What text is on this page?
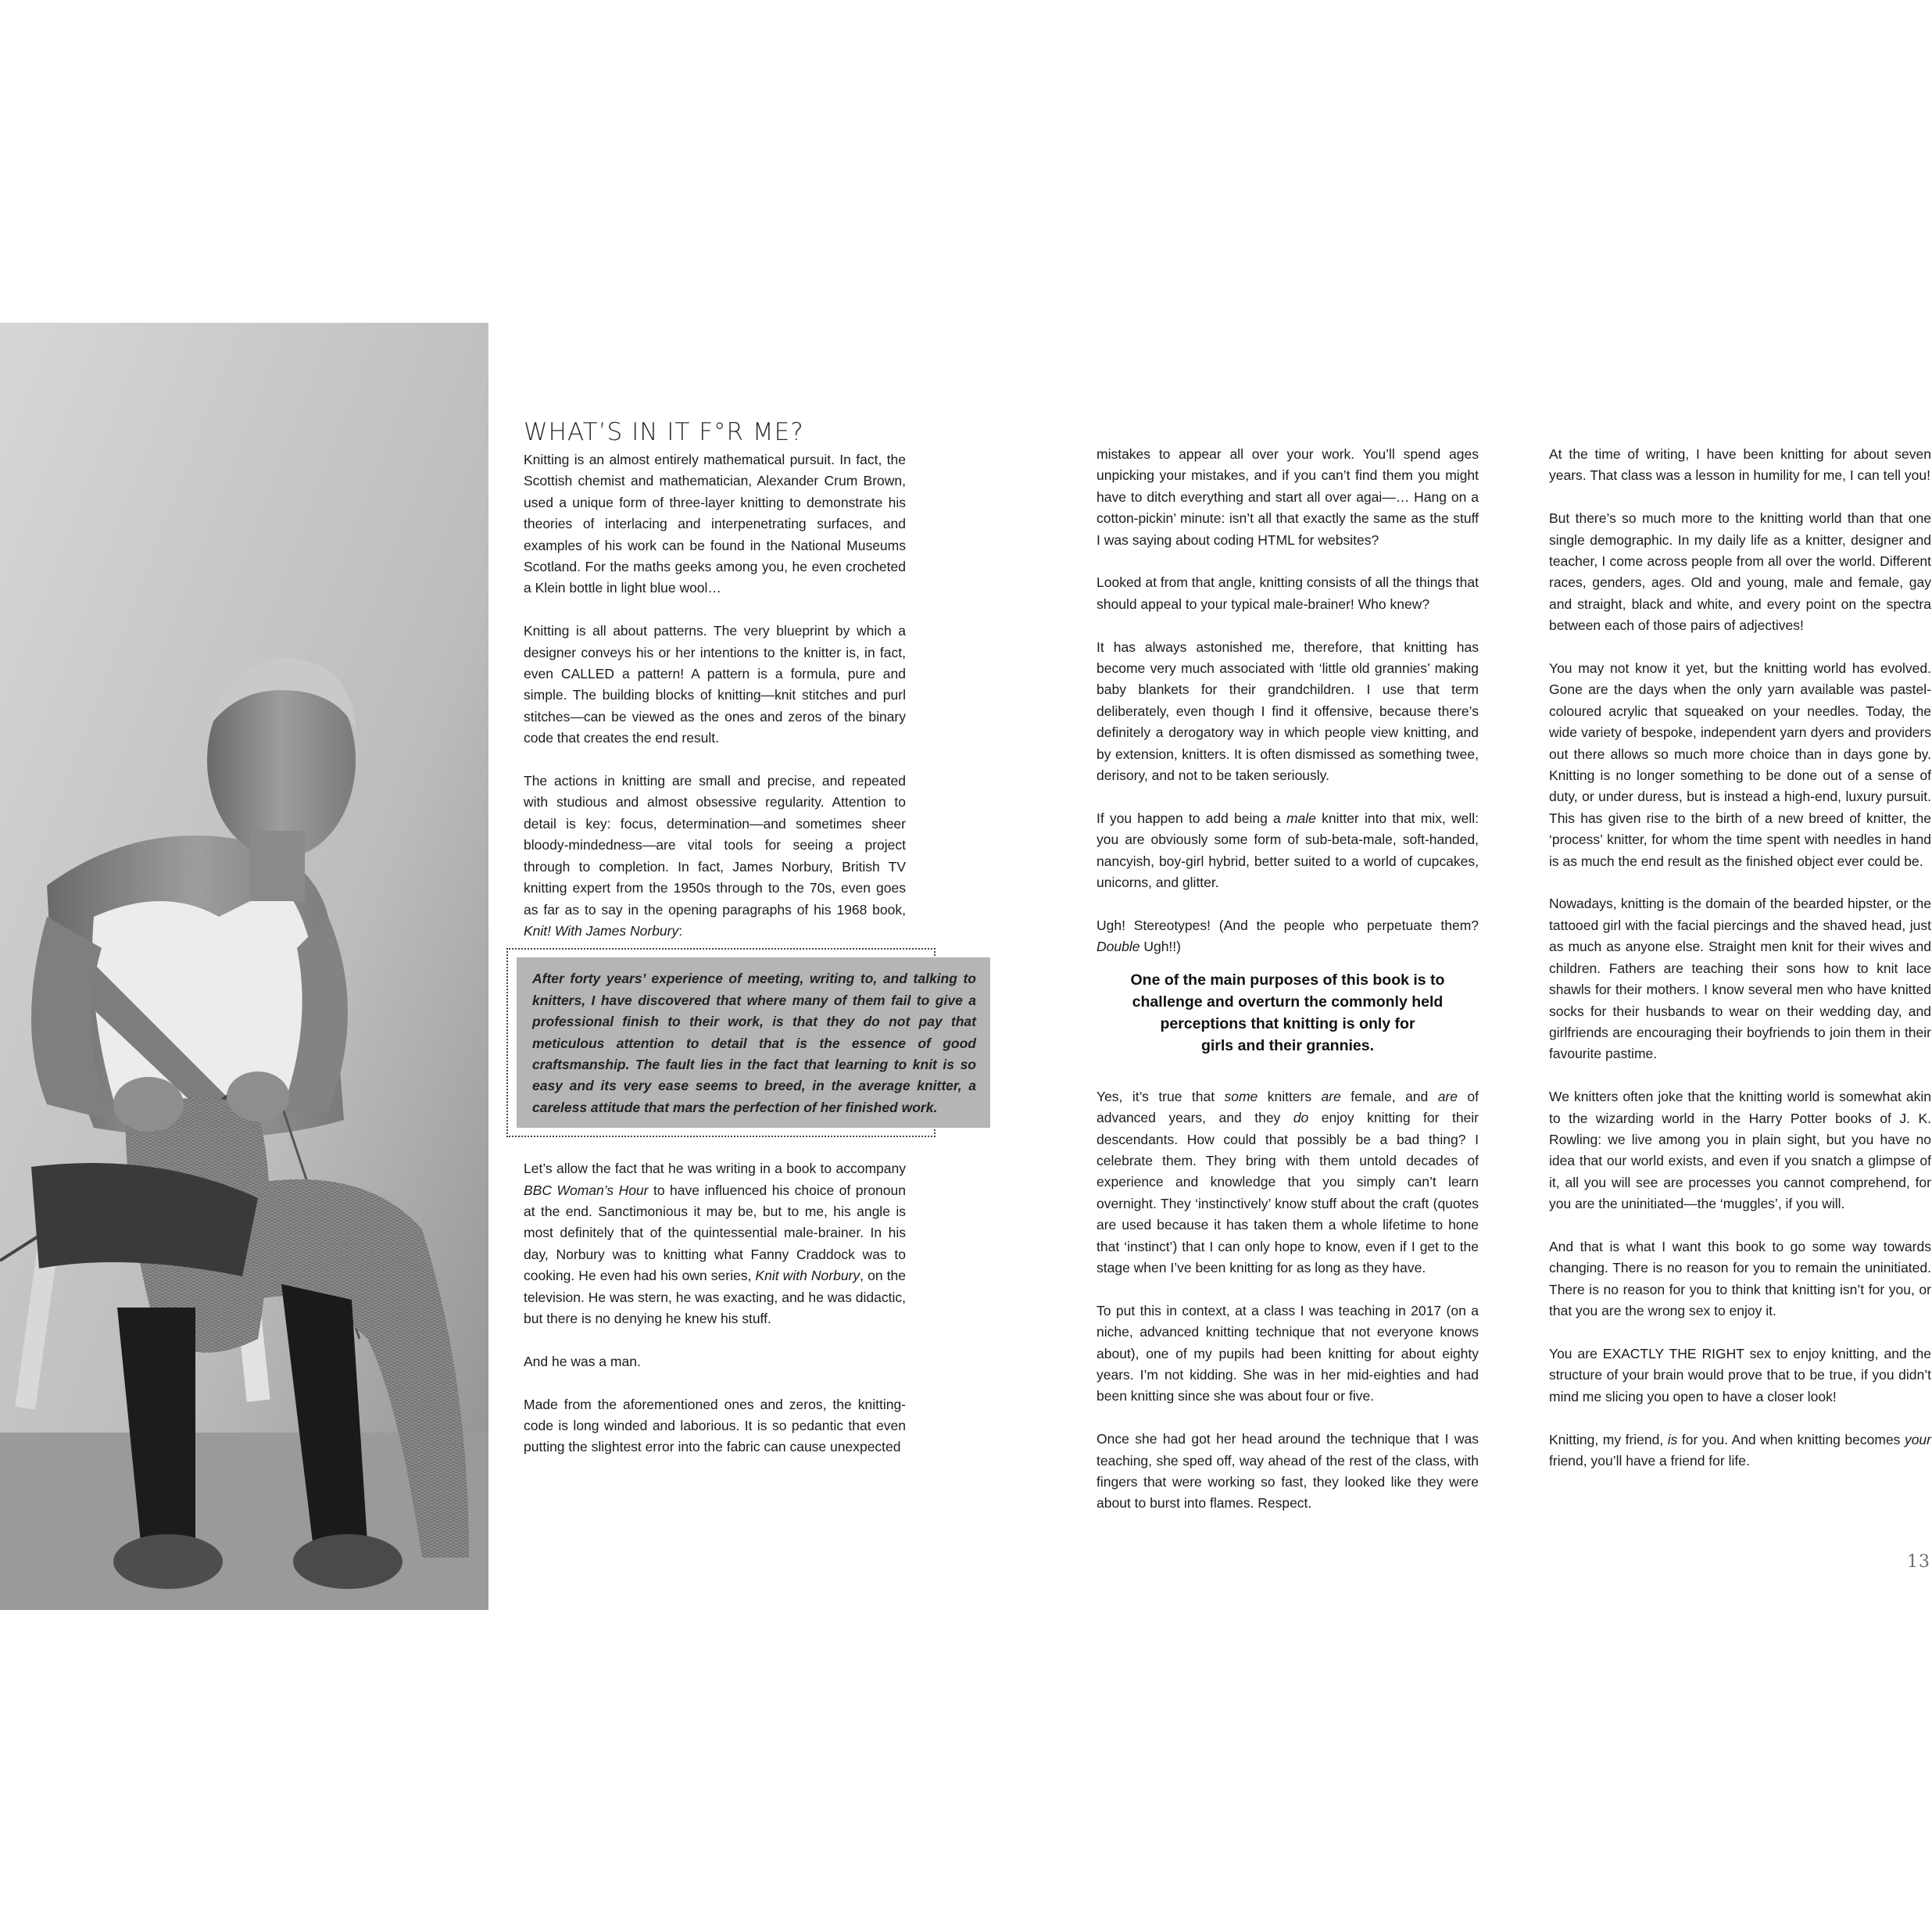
WHAT’S IN IT F°R ME?

Knitting is an almost entirely mathematical pursuit. In fact, the Scottish chemist and mathematician, Alexander Crum Brown, used a unique form of three-layer knitting to demonstrate his theories of interlacing and interpenetrating surfaces, and examples of his work can be found in the National Museums Scotland. For the maths geeks among you, he even crocheted a Klein bottle in light blue wool…

Knitting is all about patterns. The very blueprint by which a designer conveys his or her intentions to the knitter is, in fact, even CALLED a pattern! A pattern is a formula, pure and simple. The building blocks of knitting—knit stitches and purl stitches—can be viewed as the ones and zeros of the binary code that creates the end result.

The actions in knitting are small and precise, and repeated with studious and almost obsessive regularity. Attention to detail is key: focus, determination—and sometimes sheer bloody-mindedness—are vital tools for seeing a project through to completion. In fact, James Norbury, British TV knitting expert from the 1950s through to the 70s, even goes as far as to say in the opening paragraphs of his 1968 book, Knit! With James Norbury:

After forty years’ experience of meeting, writing to, and talking to knitters, I have discovered that where many of them fail to give a professional finish to their work, is that they do not pay that meticulous attention to detail that is the essence of good craftsmanship. The fault lies in the fact that learning to knit is so easy and its very ease seems to breed, in the average knitter, a careless attitude that mars the perfection of her finished work.

Let’s allow the fact that he was writing in a book to accompany BBC Woman’s Hour to have influenced his choice of pronoun at the end. Sanctimonious it may be, but to me, his angle is most definitely that of the quintessential male-brainer. In his day, Norbury was to knitting what Fanny Craddock was to cooking. He even had his own series, Knit with Norbury, on the television. He was stern, he was exacting, and he was didactic, but there is no denying he knew his stuff.

And he was a man.

Made from the aforementioned ones and zeros, the knitting-code is long winded and laborious. It is so pedantic that even putting the slightest error into the fabric can cause unexpected

mistakes to appear all over your work. You’ll spend ages unpicking your mistakes, and if you can’t find them you might have to ditch everything and start all over agai—… Hang on a cotton-pickin’ minute: isn’t all that exactly the same as the stuff I was saying about coding HTML for websites?

Looked at from that angle, knitting consists of all the things that should appeal to your typical male-brainer! Who knew?

It has always astonished me, therefore, that knitting has become very much associated with ‘little old grannies’ making baby blankets for their grandchildren. I use that term deliberately, even though I find it offensive, because there’s definitely a derogatory way in which people view knitting, and by extension, knitters. It is often dismissed as something twee, derisory, and not to be taken seriously.

If you happen to add being a male knitter into that mix, well: you are obviously some form of sub-beta-male, soft-handed, nancyish, boy-girl hybrid, better suited to a world of cupcakes, unicorns, and glitter.

Ugh! Stereotypes! (And the people who perpetuate them? Double Ugh!!)

One of the main purposes of this book is to
challenge and overturn the commonly held
perceptions that knitting is only for
girls and their grannies.

Yes, it’s true that some knitters are female, and are of advanced years, and they do enjoy knitting for their descendants. How could that possibly be a bad thing? I celebrate them. They bring with them untold decades of experience and knowledge that you simply can’t learn overnight. They ‘instinctively’ know stuff about the craft (quotes are used because it has taken them a whole lifetime to hone that ‘instinct’) that I can only hope to know, even if I get to the stage when I’ve been knitting for as long as they have.

To put this in context, at a class I was teaching in 2017 (on a niche, advanced knitting technique that not everyone knows about), one of my pupils had been knitting for about eighty years. I’m not kidding. She was in her mid-eighties and had been knitting since she was about four or five.

Once she had got her head around the technique that I was teaching, she sped off, way ahead of the rest of the class, with fingers that were working so fast, they looked like they were about to burst into flames. Respect.

At the time of writing, I have been knitting for about seven years. That class was a lesson in humility for me, I can tell you!

But there’s so much more to the knitting world than that one single demographic. In my daily life as a knitter, designer and teacher, I come across people from all over the world. Different races, genders, ages. Old and young, male and female, gay and straight, black and white, and every point on the spectra between each of those pairs of adjectives!

You may not know it yet, but the knitting world has evolved. Gone are the days when the only yarn available was pastel-coloured acrylic that squeaked on your needles. Today, the wide variety of bespoke, independent yarn dyers and providers out there allows so much more choice than in days gone by. Knitting is no longer something to be done out of a sense of duty, or under duress, but is instead a high-end, luxury pursuit. This has given rise to the birth of a new breed of knitter, the ‘process’ knitter, for whom the time spent with needles in hand is as much the end result as the finished object ever could be.

Nowadays, knitting is the domain of the bearded hipster, or the tattooed girl with the facial piercings and the shaved head, just as much as anyone else. Straight men knit for their wives and children. Fathers are teaching their sons how to knit lace shawls for their mothers. I know several men who have knitted socks for their husbands to wear on their wedding day, and girlfriends are encouraging their boyfriends to join them in their favourite pastime.

We knitters often joke that the knitting world is somewhat akin to the wizarding world in the Harry Potter books of J. K. Rowling: we live among you in plain sight, but you have no idea that our world exists, and even if you snatch a glimpse of it, all you will see are processes you cannot comprehend, for you are the uninitiated—the ‘muggles’, if you will.

And that is what I want this book to go some way towards changing. There is no reason for you to remain the uninitiated. There is no reason for you to think that knitting isn’t for you, or that you are the wrong sex to enjoy it.

You are EXACTLY THE RIGHT sex to enjoy knitting, and the structure of your brain would prove that to be true, if you didn’t mind me slicing you open to have a closer look!

Knitting, my friend, is for you. And when knitting becomes your friend, you’ll have a friend for life.

13
